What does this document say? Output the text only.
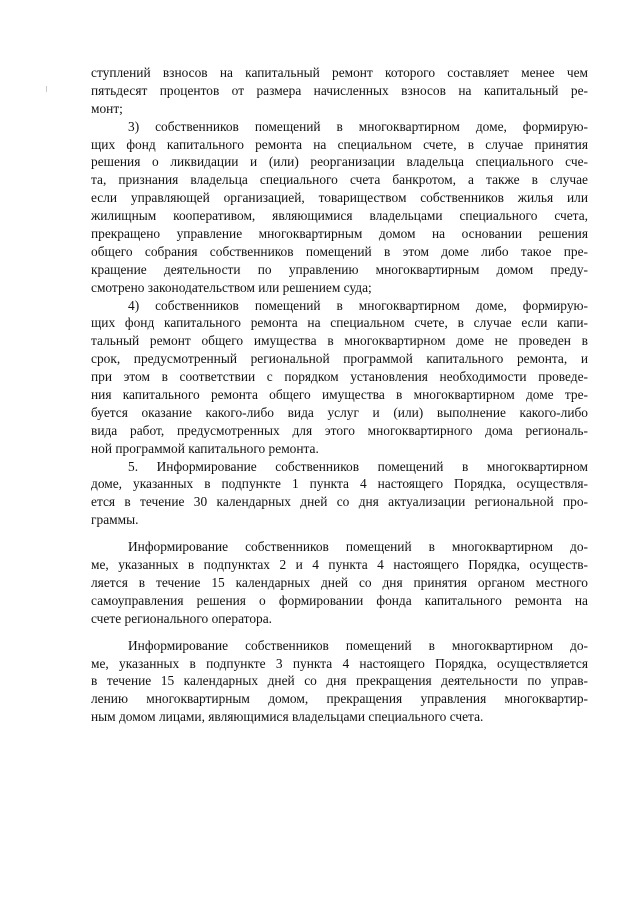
ступлений взносов на капитальный ремонт которого составляет менее чем
пятьдесят процентов от размера начисленных взносов на капитальный ре-
монт;
3) собственников помещений в многоквартирном доме, формирую-
щих фонд капитального ремонта на специальном счете, в случае принятия
решения о ликвидации и (или) реорганизации владельца специального сче-
та, признания владельца специального счета банкротом, а также в случае
если управляющей организацией, товариществом собственников жилья или
жилищным кооперативом, являющимися владельцами специального счета,
прекращено управление многоквартирным домом на основании решения
общего собрания собственников помещений в этом доме либо такое пре-
кращение деятельности по управлению многоквартирным домом преду-
смотрено законодательством или решением суда;
4) собственников помещений в многоквартирном доме, формирую-
щих фонд капитального ремонта на специальном счете, в случае если капи-
тальный ремонт общего имущества в многоквартирном доме не проведен в
срок, предусмотренный региональной программой капитального ремонта, и
при этом в соответствии с порядком установления необходимости проведе-
ния капитального ремонта общего имущества в многоквартирном доме тре-
буется оказание какого-либо вида услуг и (или) выполнение какого-либо
вида работ, предусмотренных для этого многоквартирного дома региональ-
ной программой капитального ремонта.
5. Информирование собственников помещений в многоквартирном
доме, указанных в подпункте 1 пункта 4 настоящего Порядка, осуществля-
ется в течение 30 календарных дней со дня актуализации региональной про-
граммы.
Информирование собственников помещений в многоквартирном до-
ме, указанных в подпунктах 2 и 4 пункта 4 настоящего Порядка, осуществ-
ляется в течение 15 календарных дней со дня принятия органом местного
самоуправления решения о формировании фонда капитального ремонта на
счете регионального оператора.
Информирование собственников помещений в многоквартирном до-
ме, указанных в подпункте 3 пункта 4 настоящего Порядка, осуществляется
в течение 15 календарных дней со дня прекращения деятельности по управ-
лению многоквартирным домом, прекращения управления многоквартир-
ным домом лицами, являющимися владельцами специального счета.
